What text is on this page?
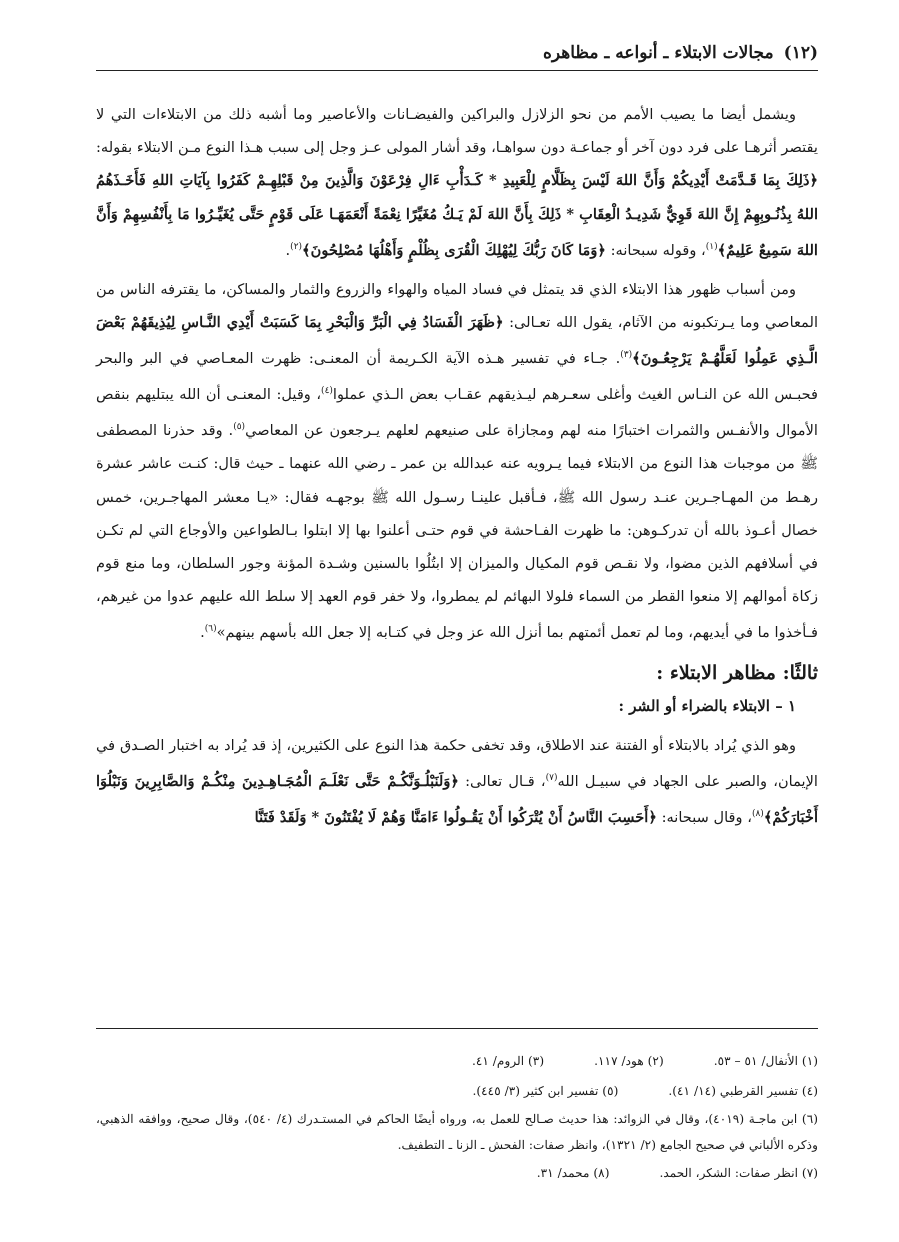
(١٢)
مجالات الابتلاء ـ أنواعه ـ مظاهره

ويشمل أيضا ما يصيب الأمم من نحو الزلازل والبراكين والفيضـانات والأعاصير وما أشبه ذلك من الابتلاءات التي لا يقتصر أثرهـا على فرد دون آخر أو جماعـة دون سواهـا، وقد أشار المولى عـز وجل إلى سبب هـذا النوع مـن الابتلاء بقوله: ﴿ذَلِكَ بِمَا قَـدَّمَتْ أَيْدِيكُمْ وَأَنَّ اللهَ لَيْسَ بِظَلَّامٍ لِلْعَبِيدِ * كَـدَأْبِ ءَالِ فِرْعَوْنَ وَالَّذِينَ مِنْ قَبْلِهِـمْ كَفَرُوا بِآيَاتِ اللهِ فَأَخَـذَهُمُ اللهُ بِذُنُـوبِهِمْ إِنَّ اللهَ قَوِيٌّ شَدِيـدُ الْعِقَابِ * ذَلِكَ بِأَنَّ اللهَ لَمْ يَـكُ مُغَيِّرًا نِعْمَةً أَنْعَمَهَـا عَلَى قَوْمٍ حَتَّى يُغَيِّـرُوا مَا بِأَنْفُسِهِمْ وَأَنَّ اللهَ سَمِيعٌ عَلِيمٌ﴾$^{(١)}$، وقوله سبحانه: ﴿وَمَا كَانَ رَبُّكَ لِيُهْلِكَ الْقُرَى بِظُلْمٍ وَأَهْلُهَا مُصْلِحُونَ﴾$^{(٢)}$.

ومن أسباب ظهور هذا الابتلاء الذي قد يتمثل في فساد المياه والهواء والزروع والثمار والمساكن، ما يقترفه الناس من المعاصي وما يـرتكبونه من الآثام، يقول الله تعـالى: ﴿ظَهَرَ الْفَسَادُ فِي الْبَرِّ وَالْبَحْرِ بِمَا كَسَبَتْ أَيْدِي النَّـاسِ لِيُذِيقَهُمْ بَعْضَ الَّـذِي عَمِلُوا لَعَلَّهُـمْ يَرْجِعُـونَ﴾$^{(٣)}$. جـاء في تفسير هـذه الآية الكـريمة أن المعنـى: ظهرت المعـاصي في البر والبحر فحبـس الله عن النـاس الغيث وأغلى سعـرهم ليـذيقهم عقـاب بعض الـذي عملوا$^{(٤)}$، وقيل: المعنـى أن الله يبتليهم بنقص الأموال والأنفـس والثمرات اختبارًا منه لهم ومجازاة على صنيعهم لعلهم يـرجعون عن المعاصي$^{(٥)}$. وقد حذرنا المصطفى ﷺ من موجبات هذا النوع من الابتلاء فيما يـرويه عنه عبدالله بن عمر ـ رضي الله عنهما ـ حيث قال: كنـت عاشر عشرة رهـط من المهـاجـرين عنـد رسول الله ﷺ، فـأقبل علينـا رسـول الله ﷺ بوجهـه فقال: «يـا معشر المهاجـرين، خمس خصال أعـوذ بالله أن تدركـوهن: ما ظهرت الفـاحشة في قوم حتـى أعلنوا بها إلا ابتلوا بـالطواعين والأوجاع التي لم تكـن في أسلافهم الذين مضوا، ولا نقـص قوم المكيال والميزان إلا ابتُلُوا بالسنين وشـدة المؤنة وجور السلطان، وما منع قوم زكاة أموالهم إلا منعوا القطر من السماء فلولا البهائم لم يمطروا، ولا خفر قوم العهد إلا سلط الله عليهم عدوا من غيرهم، فـأخذوا ما في أيديهم، وما لم تعمل أئمتهم بما أنزل الله عز وجل في كتـابه إلا جعل الله بأسهم بينهم»$^{(٦)}$.

ثالثًا: مظاهر الابتلاء :

١ – الابتلاء بالضراء أو الشر :

وهو الذي يُراد بالابتلاء أو الفتنة عند الاطلاق، وقد تخفى حكمة هذا النوع على الكثيرين، إذ قد يُراد به اختبار الصـدق في الإيمان، والصبر على الجهاد في سبيـل الله$^{(٧)}$، قـال تعالى: ﴿وَلَنَبْلُـوَنَّكُـمْ حَتَّى نَعْلَـمَ الْمُجَـاهِـدِينَ مِنْكُـمْ وَالصَّابِرِينَ وَنَبْلُوَا أَخْبَارَكُمْ﴾$^{(٨)}$، وقال سبحانه: ﴿أَحَسِبَ النَّاسُ أَنْ يُتْرَكُوا أَنْ يَقُـولُوا ءَامَنَّا وَهُمْ لَا يُفْتَنُونَ * وَلَقَدْ فَتَنَّا

(١) الأنفال/ ٥١ – ٥٣.
(٢) هود/ ١١٧.
(٣) الروم/ ٤١.
(٤) تفسير القرطبي (١٤/ ٤١).
(٥) تفسير ابن كثير (٣/ ٤٤٥).
(٦) ابن ماجـة (٤٠١٩)، وقال في الزوائد: هذا حديث صـالح للعمل به، ورواه أيضًا الحاكم في المستـدرك (٤/ ٥٤٠)، وقال صحيح، ووافقه الذهبي، وذكره الألباني في صحيح الجامع (٢/ ١٣٢١)، وانظر صفات: الفحش ـ الزنا ـ التطفيف.
(٧) انظر صفات: الشكر، الحمد.
(٨) محمد/ ٣١.
